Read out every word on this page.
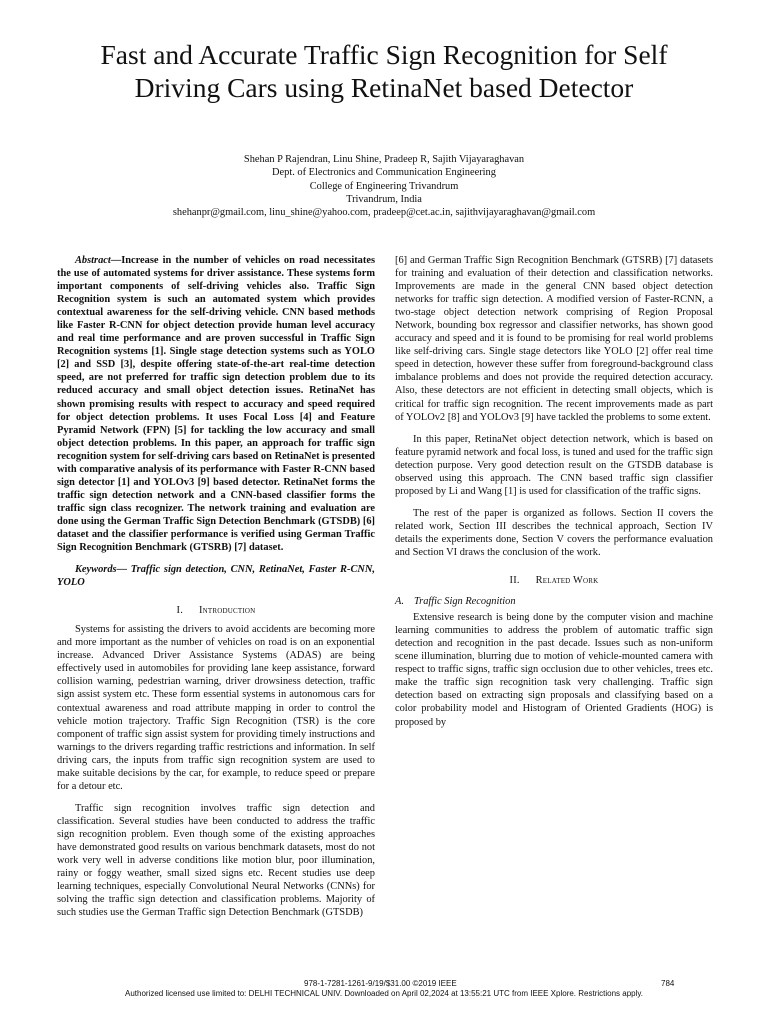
Fast and Accurate Traffic Sign Recognition for Self
Driving Cars using RetinaNet based Detector
Shehan P Rajendran, Linu Shine, Pradeep R, Sajith Vijayaraghavan
Dept. of Electronics and Communication Engineering
College of Engineering Trivandrum
Trivandrum, India
shehanpr@gmail.com, linu_shine@yahoo.com, pradeep@cet.ac.in, sajithvijayaraghavan@gmail.com

Abstract—Increase in the number of vehicles on road necessitates the use of automated systems for driver assistance. These systems form important components of self-driving vehicles also. Traffic Sign Recognition system is such an automated system which provides contextual awareness for the self-driving vehicle. CNN based methods like Faster R-CNN for object detection provide human level accuracy and real time performance and are proven successful in Traffic Sign Recognition systems [1]. Single stage detection systems such as YOLO [2] and SSD [3], despite offering state-of-the-art real-time detection speed, are not preferred for traffic sign detection problem due to its reduced accuracy and small object detection issues. RetinaNet has shown promising results with respect to accuracy and speed required for object detection problems. It uses Focal Loss [4] and Feature Pyramid Network (FPN) [5] for tackling the low accuracy and small object detection problems. In this paper, an approach for traffic sign recognition system for self-driving cars based on RetinaNet is presented with comparative analysis of its performance with Faster R-CNN based sign detector [1] and YOLOv3 [9] based detector. RetinaNet forms the traffic sign detection network and a CNN-based classifier forms the traffic sign class recognizer. The network training and evaluation are done using the German Traffic Sign Detection Benchmark (GTSDB) [6] dataset and the classifier performance is verified using German Traffic Sign Recognition Benchmark (GTSRB) [7] dataset.

Keywords— Traffic sign detection, CNN, RetinaNet, Faster R-CNN, YOLO

I. Introduction

Systems for assisting the drivers to avoid accidents are becoming more and more important as the number of vehicles on road is on an exponential increase. Advanced Driver Assistance Systems (ADAS) are being effectively used in automobiles for providing lane keep assistance, forward collision warning, pedestrian warning, driver drowsiness detection, traffic sign assist system etc. These form essential systems in autonomous cars for contextual awareness and road attribute mapping in order to control the vehicle motion trajectory. Traffic Sign Recognition (TSR) is the core component of traffic sign assist system for providing timely instructions and warnings to the drivers regarding traffic restrictions and information. In self driving cars, the inputs from traffic sign recognition system are used to make suitable decisions by the car, for example, to reduce speed or prepare for a detour etc.

Traffic sign recognition involves traffic sign detection and classification. Several studies have been conducted to address the traffic sign recognition problem. Even though some of the existing approaches have demonstrated good results on various benchmark datasets, most do not work very well in adverse conditions like motion blur, poor illumination, rainy or foggy weather, small sized signs etc. Recent studies use deep learning techniques, especially Convolutional Neural Networks (CNNs) for solving the traffic sign detection and classification problems. Majority of such studies use the German Traffic sign Detection Benchmark (GTSDB)

[6] and German Traffic Sign Recognition Benchmark (GTSRB) [7] datasets for training and evaluation of their detection and classification networks. Improvements are made in the general CNN based object detection networks for traffic sign detection. A modified version of Faster-RCNN, a two-stage object detection network comprising of Region Proposal Network, bounding box regressor and classifier networks, has shown good accuracy and speed and it is found to be promising for real world problems like self-driving cars. Single stage detectors like YOLO [2] offer real time speed in detection, however these suffer from foreground-background class imbalance problems and does not provide the required detection accuracy. Also, these detectors are not efficient in detecting small objects, which is critical for traffic sign recognition. The recent improvements made as part of YOLOv2 [8] and YOLOv3 [9] have tackled the problems to some extent.

In this paper, RetinaNet object detection network, which is based on feature pyramid network and focal loss, is tuned and used for the traffic sign detection purpose. Very good detection result on the GTSDB database is observed using this approach. The CNN based traffic sign classifier proposed by Li and Wang [1] is used for classification of the traffic signs.

The rest of the paper is organized as follows. Section II covers the related work, Section III describes the technical approach, Section IV details the experiments done, Section V covers the performance evaluation and Section VI draws the conclusion of the work.

II. Related Work
A. Traffic Sign Recognition

Extensive research is being done by the computer vision and machine learning communities to address the problem of automatic traffic sign detection and recognition in the past decade. Issues such as non-uniform scene illumination, blurring due to motion of vehicle-mounted camera with respect to traffic signs, traffic sign occlusion due to other vehicles, trees etc. make the traffic sign recognition task very challenging. Traffic sign detection based on extracting sign proposals and classifying based on a color probability model and Histogram of Oriented Gradients (HOG) is proposed by

978-1-7281-1261-9/19/$31.00 ©2019 IEEE	784
Authorized licensed use limited to: DELHI TECHNICAL UNIV. Downloaded on April 02,2024 at 13:55:21 UTC from IEEE Xplore. Restrictions apply.
